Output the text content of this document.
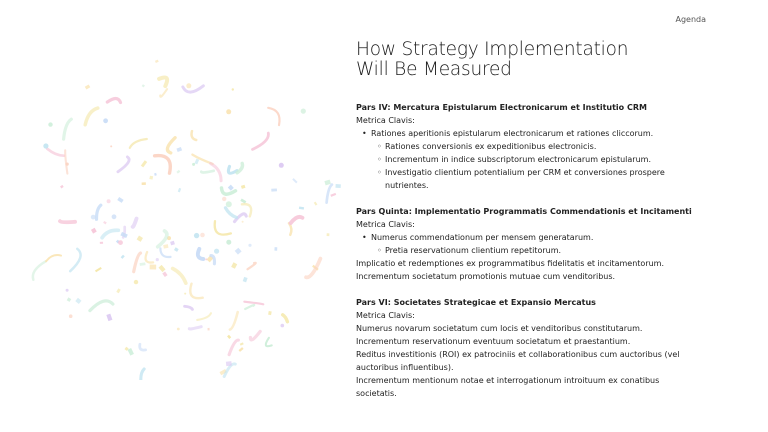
Agenda
How Strategy Implementation
Will Be Measured

Pars IV: Mercatura Epistularum Electronicarum et Institutio CRM

Metrica Clavis:

• Rationes aperitionis epistularum electronicarum et rationes cliccorum.
◦ Rationes conversionis ex expeditionibus electronicis.
◦ Incrementum in indice subscriptorum electronicarum epistularum.
◦ Investigatio clientium potentialium per CRM et conversiones prospere nutrientes.

Pars Quinta: Implementatio Programmatis Commendationis et Incitamenti

Metrica Clavis:

• Numerus commendationum per mensem generatarum.
◦ Pretia reservationum clientium repetitorum.

Implicatio et redemptiones ex programmatibus fidelitatis et incitamentorum.

Incrementum societatum promotionis mutuae cum venditoribus.

Pars VI: Societates Strategicae et Expansio Mercatus

Metrica Clavis:

Numerus novarum societatum cum locis et venditoribus constitutarum.

Incrementum reservationum eventuum societatum et praestantium.

Reditus investitionis (ROI) ex patrociniis et collaborationibus cum auctoribus (vel auctoribus influentibus).

Incrementum mentionum notae et interrogationum introituum ex conatibus societatis.
